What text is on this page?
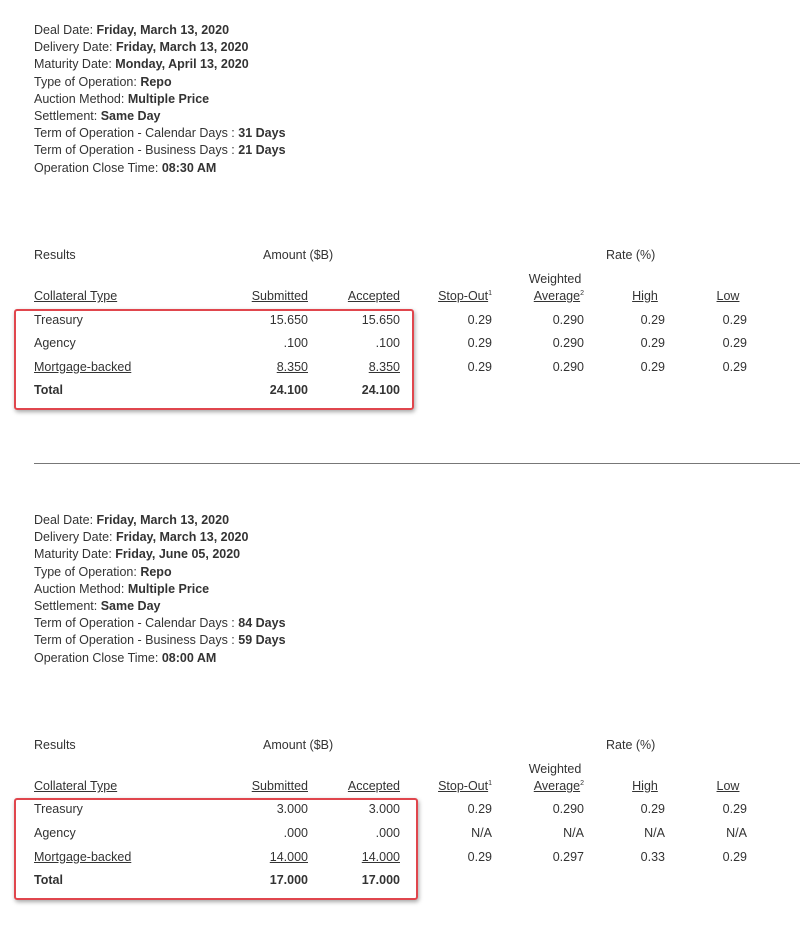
Deal Date: Friday, March 13, 2020
Delivery Date: Friday, March 13, 2020
Maturity Date: Monday, April 13, 2020
Type of Operation: Repo
Auction Method: Multiple Price
Settlement: Same Day
Term of Operation - Calendar Days : 31 Days
Term of Operation - Business Days : 21 Days
Operation Close Time: 08:30 AM
Results	Amount ($B)	Rate (%)
Weighted
Collateral Type	Submitted	Accepted	Stop-Out$^1$	Average$^2$	High	Low
Treasury	15.650	15.650	0.29	0.290	0.29	0.29
Agency	.100	.100	0.29	0.290	0.29	0.29
Mortgage-backed	8.350	8.350	0.29	0.290	0.29	0.29
Total	24.100	24.100
Deal Date: Friday, March 13, 2020
Delivery Date: Friday, March 13, 2020
Maturity Date: Friday, June 05, 2020
Type of Operation: Repo
Auction Method: Multiple Price
Settlement: Same Day
Term of Operation - Calendar Days : 84 Days
Term of Operation - Business Days : 59 Days
Operation Close Time: 08:00 AM
Results	Amount ($B)	Rate (%)
Weighted
Collateral Type	Submitted	Accepted	Stop-Out$^1$	Average$^2$	High	Low
Treasury	3.000	3.000	0.29	0.290	0.29	0.29
Agency	.000	.000	N/A	N/A	N/A	N/A
Mortgage-backed	14.000	14.000	0.29	0.297	0.33	0.29
Total	17.000	17.000
